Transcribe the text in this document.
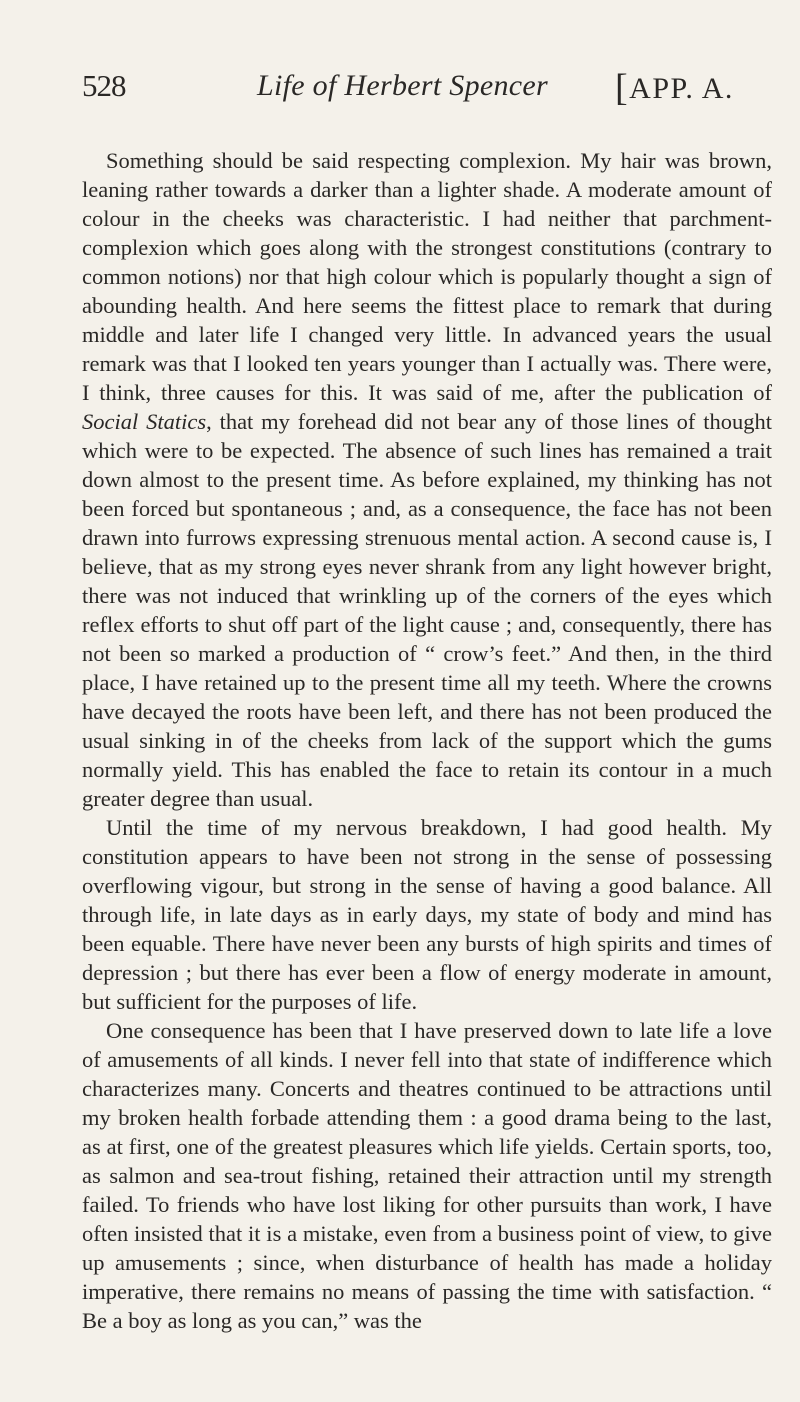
528	Life of Herbert Spencer [APP. A.

Something should be said respecting complexion. My hair was brown, leaning rather towards a darker than a lighter shade. A moderate amount of colour in the cheeks was characteristic. I had neither that parchment-complexion which goes along with the strongest constitutions (contrary to common notions) nor that high colour which is popularly thought a sign of abounding health. And here seems the fittest place to remark that during middle and later life I changed very little. In advanced years the usual remark was that I looked ten years younger than I actually was. There were, I think, three causes for this. It was said of me, after the publication of Social Statics, that my forehead did not bear any of those lines of thought which were to be expected. The absence of such lines has remained a trait down almost to the present time. As before explained, my thinking has not been forced but spontaneous ; and, as a consequence, the face has not been drawn into furrows expressing strenuous mental action. A second cause is, I believe, that as my strong eyes never shrank from any light however bright, there was not induced that wrinkling up of the corners of the eyes which reflex efforts to shut off part of the light cause ; and, consequently, there has not been so marked a production of “ crow’s feet.” And then, in the third place, I have retained up to the present time all my teeth. Where the crowns have decayed the roots have been left, and there has not been produced the usual sinking in of the cheeks from lack of the support which the gums normally yield. This has enabled the face to retain its contour in a much greater degree than usual.

Until the time of my nervous breakdown, I had good health. My constitution appears to have been not strong in the sense of possessing overflowing vigour, but strong in the sense of having a good balance. All through life, in late days as in early days, my state of body and mind has been equable. There have never been any bursts of high spirits and times of depression ; but there has ever been a flow of energy moderate in amount, but sufficient for the purposes of life.

One consequence has been that I have preserved down to late life a love of amusements of all kinds. I never fell into that state of indifference which characterizes many. Concerts and theatres continued to be attractions until my broken health forbade attending them : a good drama being to the last, as at first, one of the greatest pleasures which life yields. Certain sports, too, as salmon and sea-trout fishing, retained their attraction until my strength failed. To friends who have lost liking for other pursuits than work, I have often insisted that it is a mistake, even from a business point of view, to give up amusements ; since, when disturbance of health has made a holiday imperative, there remains no means of passing the time with satisfaction. “ Be a boy as long as you can,” was the
